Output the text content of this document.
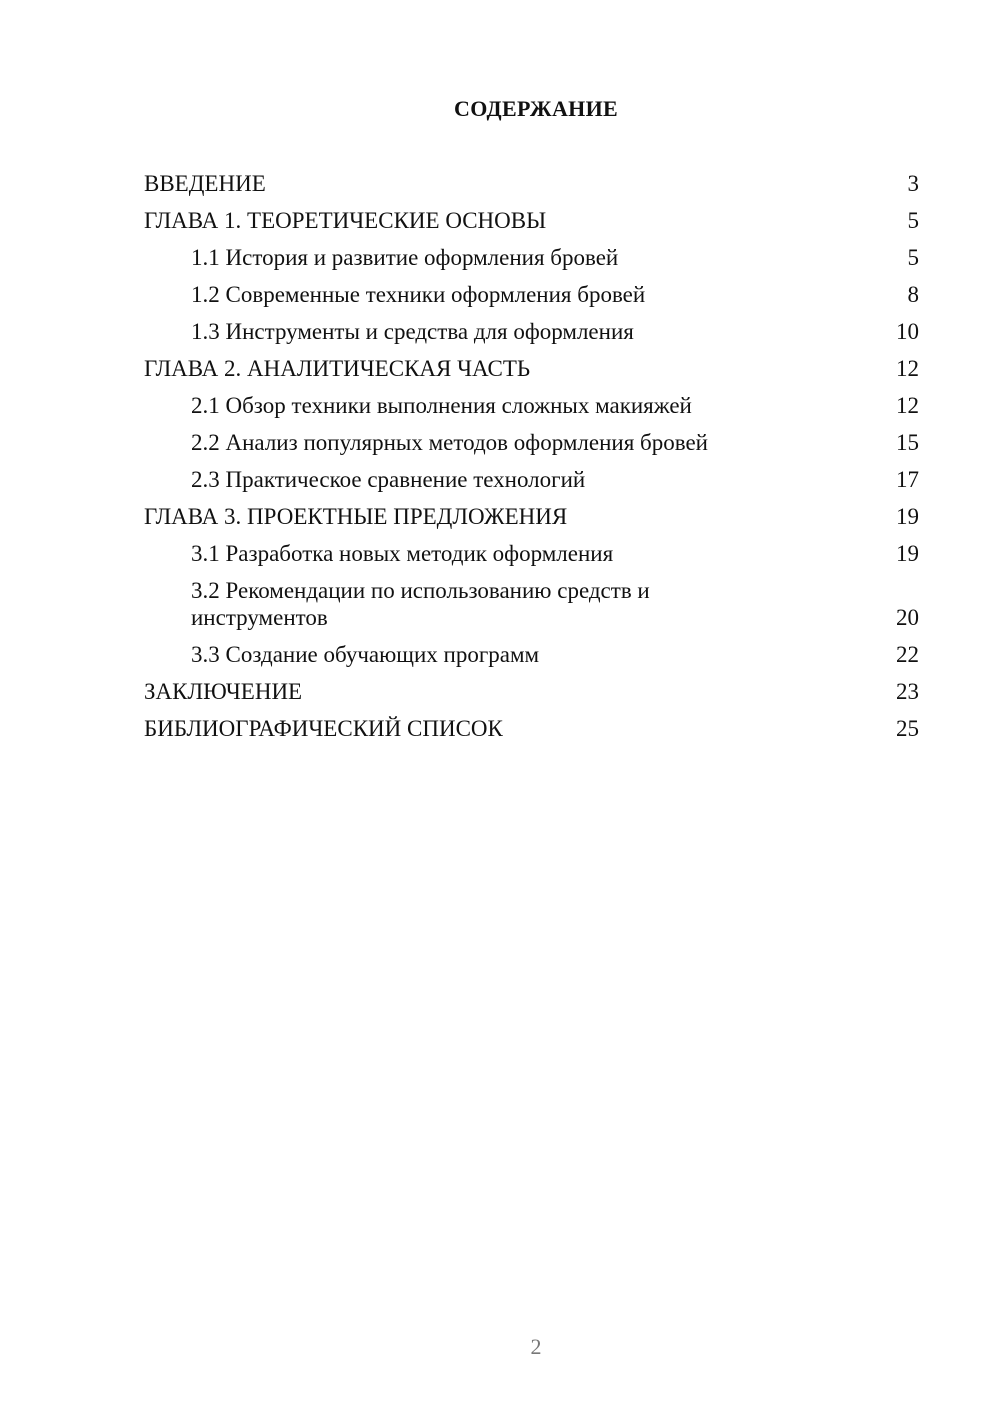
СОДЕРЖАНИЕ
ВВЕДЕНИЕ	3
ГЛАВА 1. ТЕОРЕТИЧЕСКИЕ ОСНОВЫ	5
1.1 История и развитие оформления бровей	5
1.2 Современные техники оформления бровей	8
1.3 Инструменты и средства для оформления	10
ГЛАВА 2. АНАЛИТИЧЕСКАЯ ЧАСТЬ	12
2.1 Обзор техники выполнения сложных макияжей	12
2.2 Анализ популярных методов оформления бровей	15
2.3 Практическое сравнение технологий	17
ГЛАВА 3. ПРОЕКТНЫЕ ПРЕДЛОЖЕНИЯ	19
3.1 Разработка новых методик оформления	19
3.2 Рекомендации по использованию средств и инструментов	20
3.3 Создание обучающих программ	22
ЗАКЛЮЧЕНИЕ	23
БИБЛИОГРАФИЧЕСКИЙ СПИСОК	25
2
